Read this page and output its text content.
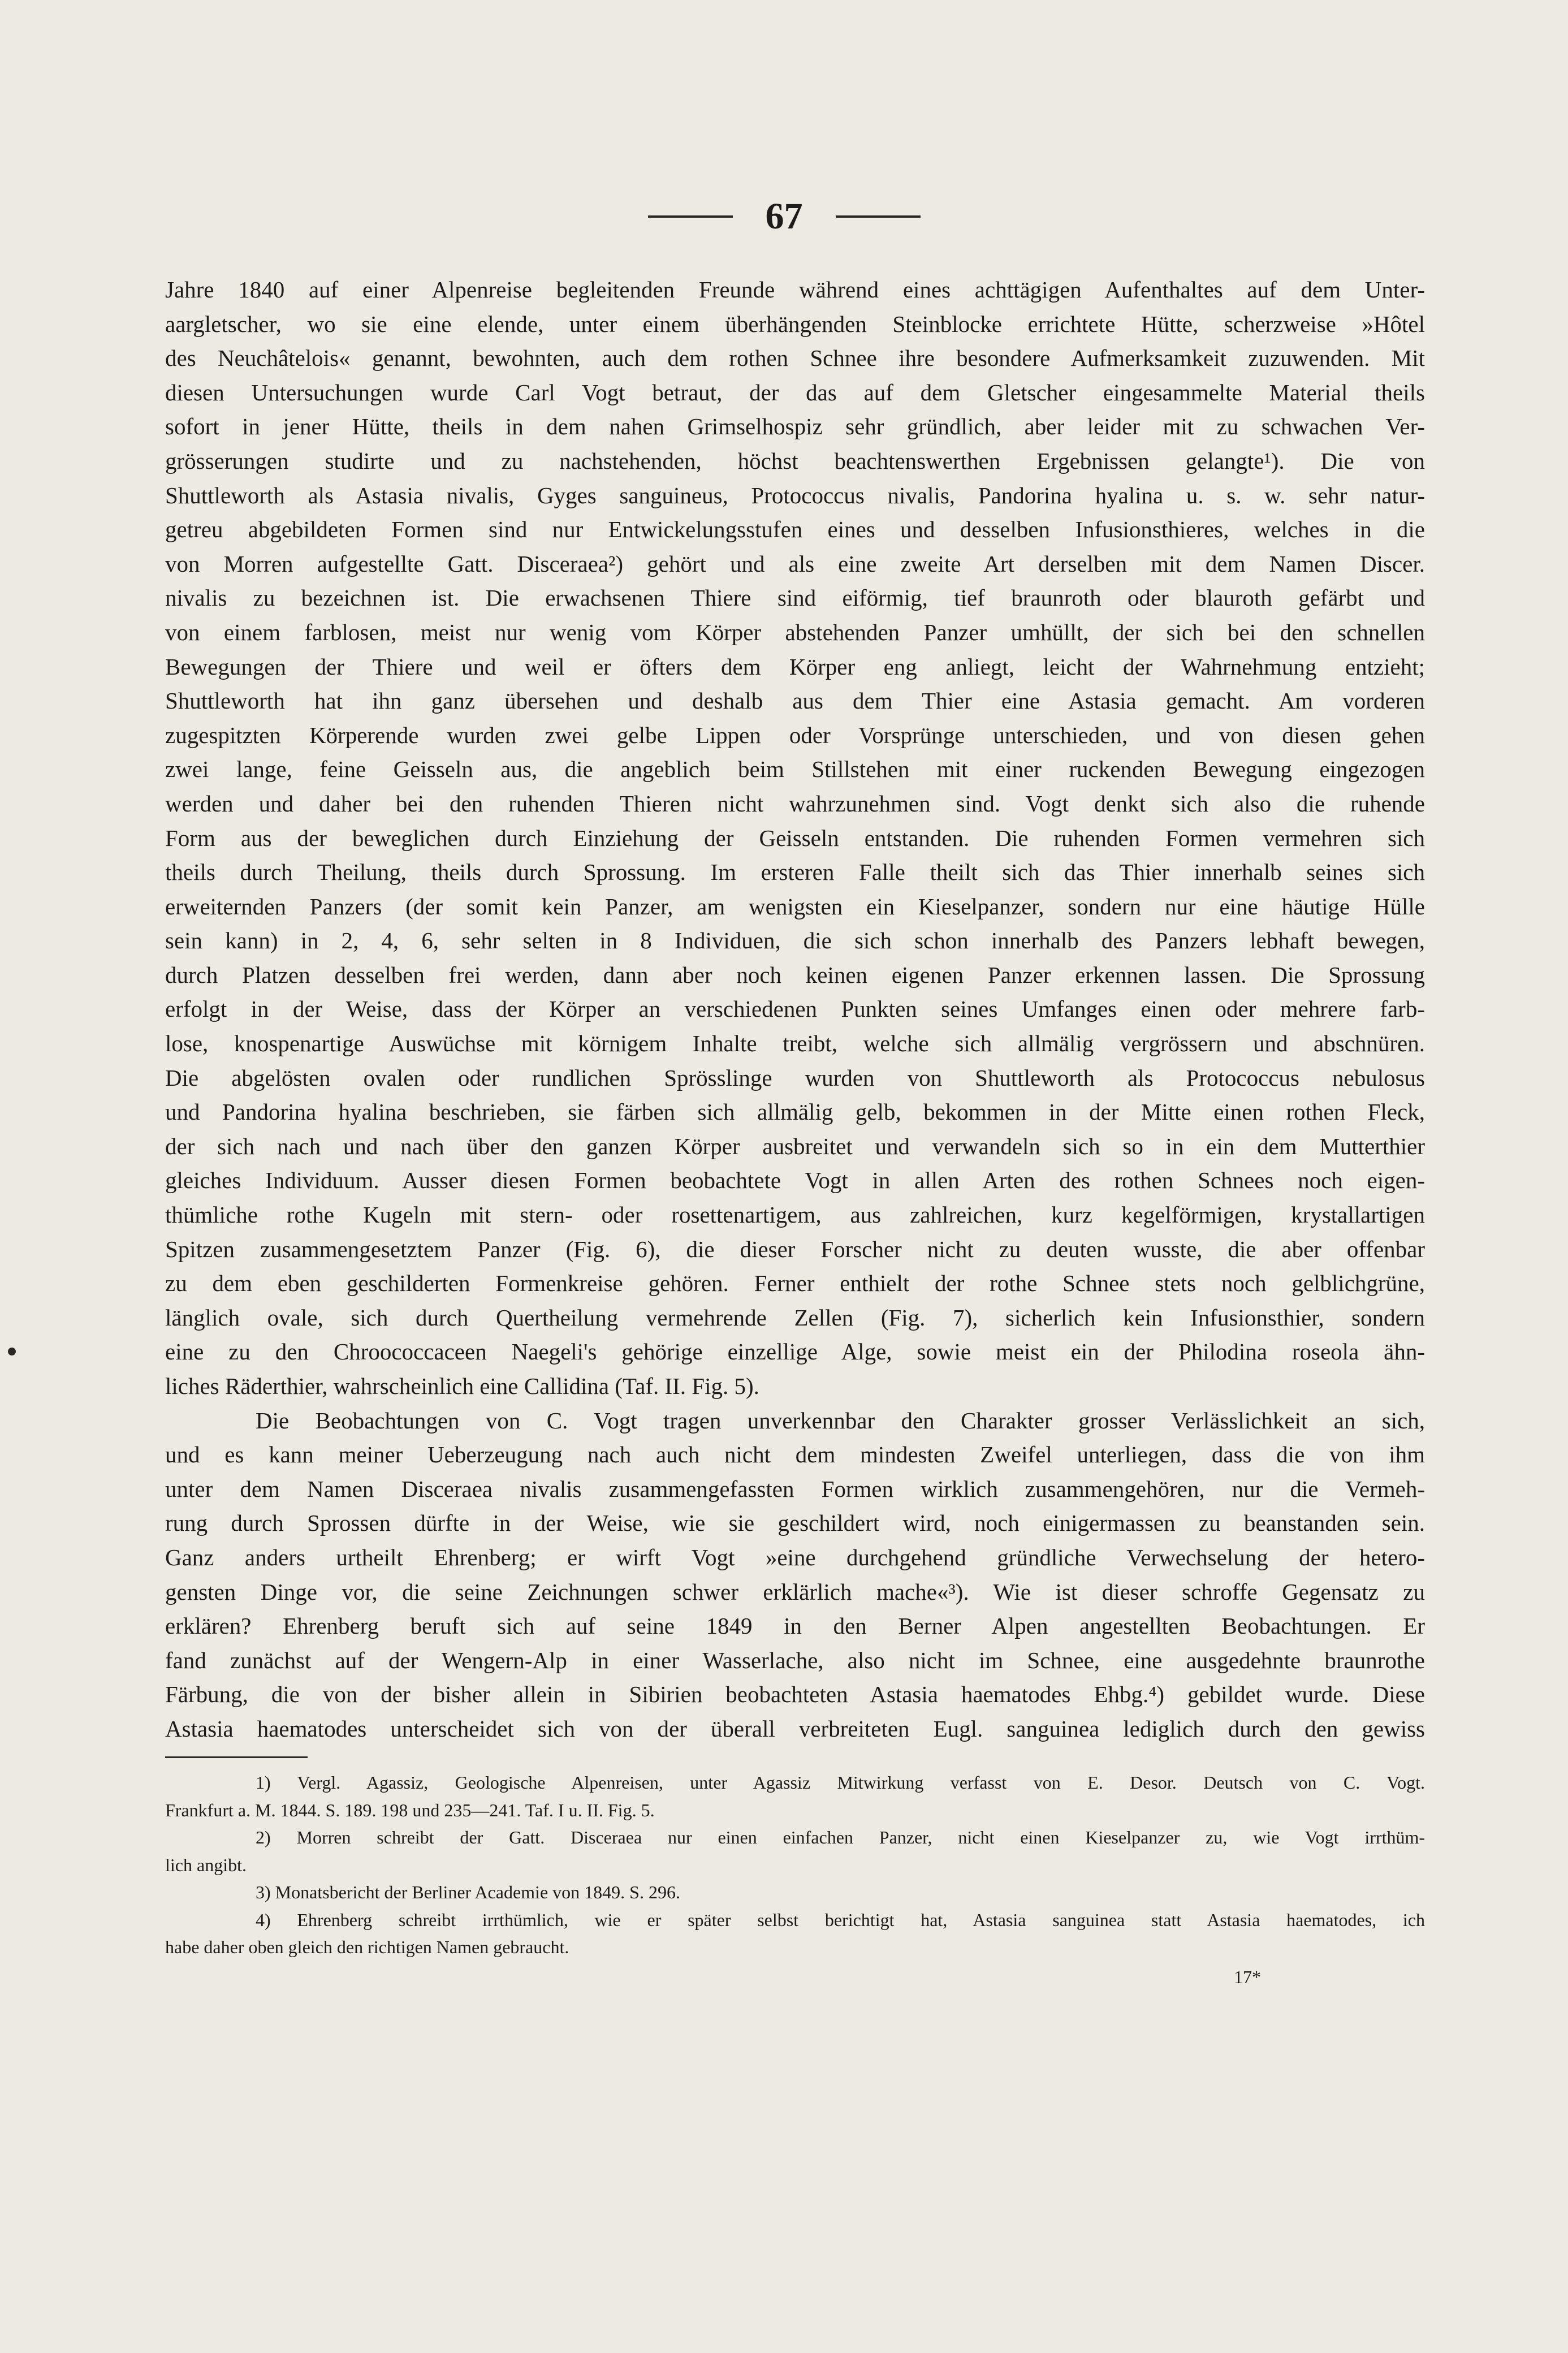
67
Jahre 1840 auf einer Alpenreise begleitenden Freunde während eines achttägigen Aufenthaltes auf dem Unter-
aargletscher, wo sie eine elende, unter einem überhängenden Steinblocke errichtete Hütte, scherzweise »Hôtel
des Neuchâtelois« genannt, bewohnten, auch dem rothen Schnee ihre besondere Aufmerksamkeit zuzuwenden. Mit
diesen Untersuchungen wurde Carl Vogt betraut, der das auf dem Gletscher eingesammelte Material theils
sofort in jener Hütte, theils in dem nahen Grimselhospiz sehr gründlich, aber leider mit zu schwachen Ver-
grösserungen studirte und zu nachstehenden, höchst beachtenswerthen Ergebnissen gelangte¹). Die von
Shuttleworth als Astasia nivalis, Gyges sanguineus, Protococcus nivalis, Pandorina hyalina u. s. w. sehr natur-
getreu abgebildeten Formen sind nur Entwickelungsstufen eines und desselben Infusionsthieres, welches in die
von Morren aufgestellte Gatt. Disceraea²) gehört und als eine zweite Art derselben mit dem Namen Discer.
nivalis zu bezeichnen ist. Die erwachsenen Thiere sind eiförmig, tief braunroth oder blauroth gefärbt und
von einem farblosen, meist nur wenig vom Körper abstehenden Panzer umhüllt, der sich bei den schnellen
Bewegungen der Thiere und weil er öfters dem Körper eng anliegt, leicht der Wahrnehmung entzieht;
Shuttleworth hat ihn ganz übersehen und deshalb aus dem Thier eine Astasia gemacht. Am vorderen
zugespitzten Körperende wurden zwei gelbe Lippen oder Vorsprünge unterschieden, und von diesen gehen
zwei lange, feine Geisseln aus, die angeblich beim Stillstehen mit einer ruckenden Bewegung eingezogen
werden und daher bei den ruhenden Thieren nicht wahrzunehmen sind. Vogt denkt sich also die ruhende
Form aus der beweglichen durch Einziehung der Geisseln entstanden. Die ruhenden Formen vermehren sich
theils durch Theilung, theils durch Sprossung. Im ersteren Falle theilt sich das Thier innerhalb seines sich
erweiternden Panzers (der somit kein Panzer, am wenigsten ein Kieselpanzer, sondern nur eine häutige Hülle
sein kann) in 2, 4, 6, sehr selten in 8 Individuen, die sich schon innerhalb des Panzers lebhaft bewegen,
durch Platzen desselben frei werden, dann aber noch keinen eigenen Panzer erkennen lassen. Die Sprossung
erfolgt in der Weise, dass der Körper an verschiedenen Punkten seines Umfanges einen oder mehrere farb-
lose, knospenartige Auswüchse mit körnigem Inhalte treibt, welche sich allmälig vergrössern und abschnüren.
Die abgelösten ovalen oder rundlichen Sprösslinge wurden von Shuttleworth als Protococcus nebulosus
und Pandorina hyalina beschrieben, sie färben sich allmälig gelb, bekommen in der Mitte einen rothen Fleck,
der sich nach und nach über den ganzen Körper ausbreitet und verwandeln sich so in ein dem Mutterthier
gleiches Individuum. Ausser diesen Formen beobachtete Vogt in allen Arten des rothen Schnees noch eigen-
thümliche rothe Kugeln mit stern- oder rosettenartigem, aus zahlreichen, kurz kegelförmigen, krystallartigen
Spitzen zusammengesetztem Panzer (Fig. 6), die dieser Forscher nicht zu deuten wusste, die aber offenbar
zu dem eben geschilderten Formenkreise gehören. Ferner enthielt der rothe Schnee stets noch gelblichgrüne,
länglich ovale, sich durch Quertheilung vermehrende Zellen (Fig. 7), sicherlich kein Infusionsthier, sondern
eine zu den Chroococcaceen Naegeli's gehörige einzellige Alge, sowie meist ein der Philodina roseola ähn-
liches Räderthier, wahrscheinlich eine Callidina (Taf. II. Fig. 5).
Die Beobachtungen von C. Vogt tragen unverkennbar den Charakter grosser Verlässlichkeit an sich,
und es kann meiner Ueberzeugung nach auch nicht dem mindesten Zweifel unterliegen, dass die von ihm
unter dem Namen Disceraea nivalis zusammengefassten Formen wirklich zusammengehören, nur die Vermeh-
rung durch Sprossen dürfte in der Weise, wie sie geschildert wird, noch einigermassen zu beanstanden sein.
Ganz anders urtheilt Ehrenberg; er wirft Vogt »eine durchgehend gründliche Verwechselung der hetero-
gensten Dinge vor, die seine Zeichnungen schwer erklärlich mache«³). Wie ist dieser schroffe Gegensatz zu
erklären? Ehrenberg beruft sich auf seine 1849 in den Berner Alpen angestellten Beobachtungen. Er
fand zunächst auf der Wengern-Alp in einer Wasserlache, also nicht im Schnee, eine ausgedehnte braunrothe
Färbung, die von der bisher allein in Sibirien beobachteten Astasia haematodes Ehbg.⁴) gebildet wurde. Diese
Astasia haematodes unterscheidet sich von der überall verbreiteten Eugl. sanguinea lediglich durch den gewiss
1) Vergl. Agassiz, Geologische Alpenreisen, unter Agassiz Mitwirkung verfasst von E. Desor. Deutsch von C. Vogt.
Frankfurt a. M. 1844. S. 189. 198 und 235—241. Taf. I u. II. Fig. 5.
2) Morren schreibt der Gatt. Disceraea nur einen einfachen Panzer, nicht einen Kieselpanzer zu, wie Vogt irrthüm-
lich angibt.
3) Monatsbericht der Berliner Academie von 1849. S. 296.
4) Ehrenberg schreibt irrthümlich, wie er später selbst berichtigt hat, Astasia sanguinea statt Astasia haematodes, ich
habe daher oben gleich den richtigen Namen gebraucht.
17*
